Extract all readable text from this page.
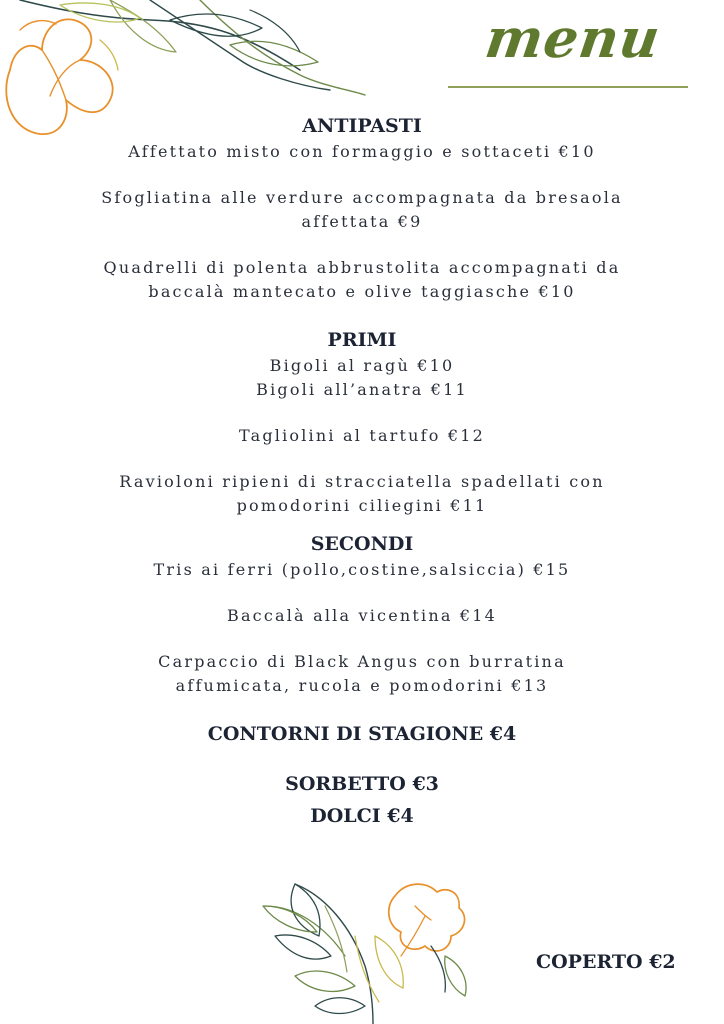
menu

ANTIPASTI

Affettato misto con formaggio e sottaceti €10

Sfogliatina alle verdure accompagnata da bresaola

affettata €9

Quadrelli di polenta abbrustolita accompagnati da

baccalà mantecato e olive taggiasche €10

PRIMI

Bigoli al ragù €10

Bigoli all’anatra €11

Tagliolini al tartufo €12

Ravioloni ripieni di stracciatella spadellati con

pomodorini ciliegini €11

SECONDI

Tris ai ferri (pollo,costine,salsiccia) €15

Baccalà alla vicentina €14

Carpaccio di Black Angus con burratina

affumicata, rucola e pomodorini €13

CONTORNI DI STAGIONE €4

SORBETTO €3

DOLCI €4

COPERTO €2
